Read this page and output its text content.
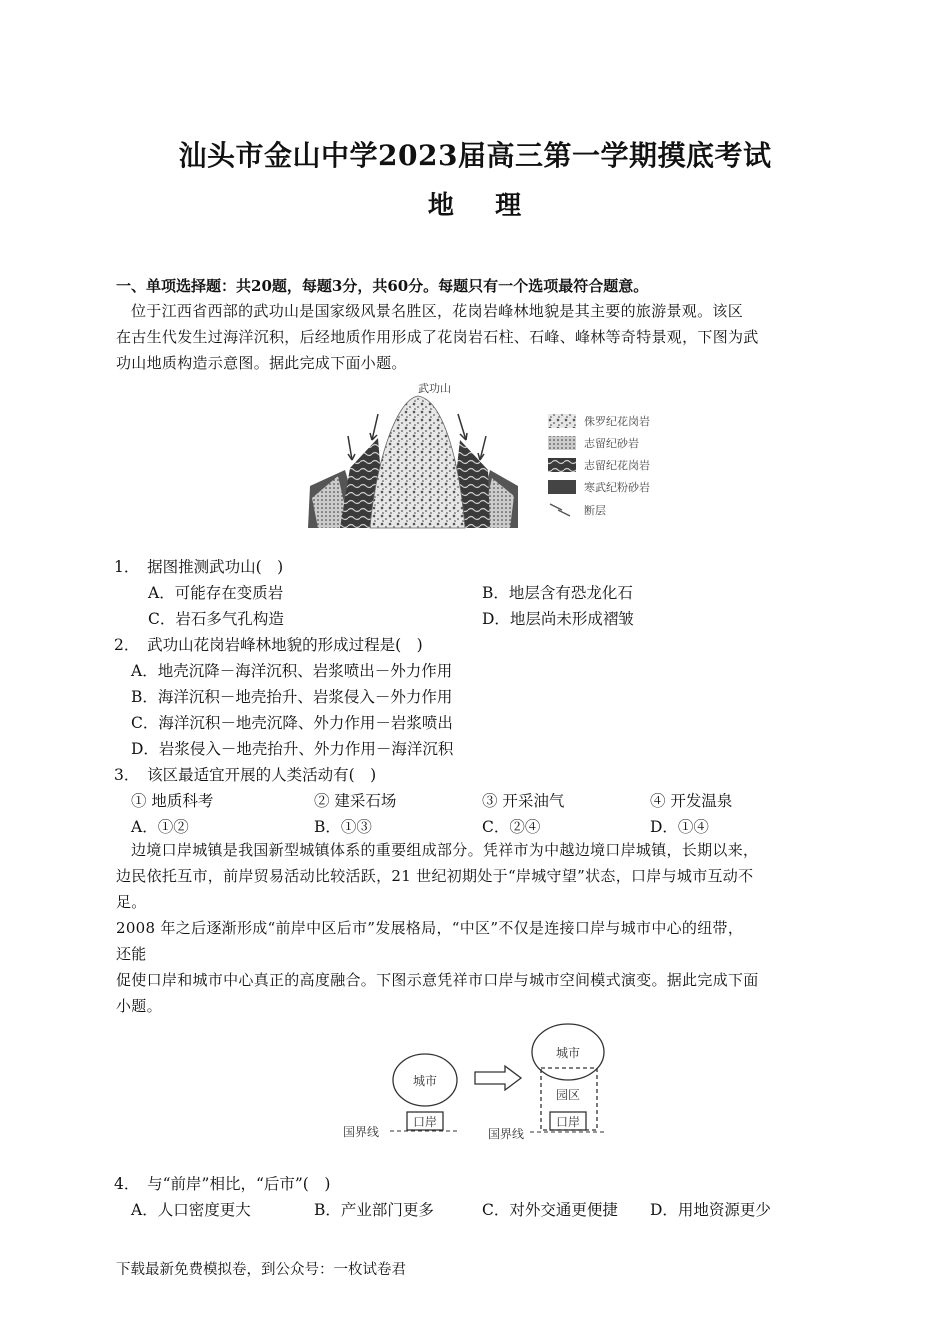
汕头市金山中学2023届高三第一学期摸底考试
地    理
一、单项选择题：共20题，每题3分，共60分。每题只有一个选项最符合题意。
位于江西省西部的武功山是国家级风景名胜区，花岗岩峰林地貌是其主要的旅游景观。该区
在古生代发生过海洋沉积，后经地质作用形成了花岗岩石柱、石峰、峰林等奇特景观，下图为武
功山地质构造示意图。据此完成下面小题。
武功山
侏罗纪花岗岩
志留纪砂岩
志留纪花岗岩
寒武纪粉砂岩
断层
1．　据图推测武功山(　)
A．可能存在变质岩	B．地层含有恐龙化石
C．岩石多气孔构造	D．地层尚未形成褶皱
2．　武功山花岗岩峰林地貌的形成过程是(　)
A．地壳沉降－海洋沉积、岩浆喷出－外力作用
B．海洋沉积－地壳抬升、岩浆侵入－外力作用
C．海洋沉积－地壳沉降、外力作用－岩浆喷出
D．岩浆侵入－地壳抬升、外力作用－海洋沉积
3．　该区最适宜开展的人类活动有(　)
① 地质科考	② 建采石场	③ 开采油气	④ 开发温泉
A．①②	B．①③	C．②④	D．①④
边境口岸城镇是我国新型城镇体系的重要组成部分。凭祥市为中越边境口岸城镇，长期以来，
边民依托互市，前岸贸易活动比较活跃，21 世纪初期处于“岸城守望”状态，口岸与城市互动不
足。
2008 年之后逐渐形成“前岸中区后市”发展格局，“中区”不仅是连接口岸与城市中心的纽带，
还能
促使口岸和城市中心真正的高度融合。下图示意凭祥市口岸与城市空间模式演变。据此完成下面
小题。
城市
口岸
国界线
城市
园区
口岸
国界线
4．　与“前岸”相比，“后市”(　)
A．人口密度更大	B．产业部门更多	C．对外交通更便捷 D．用地资源更少
下载最新免费模拟卷，到公众号：一枚试卷君
